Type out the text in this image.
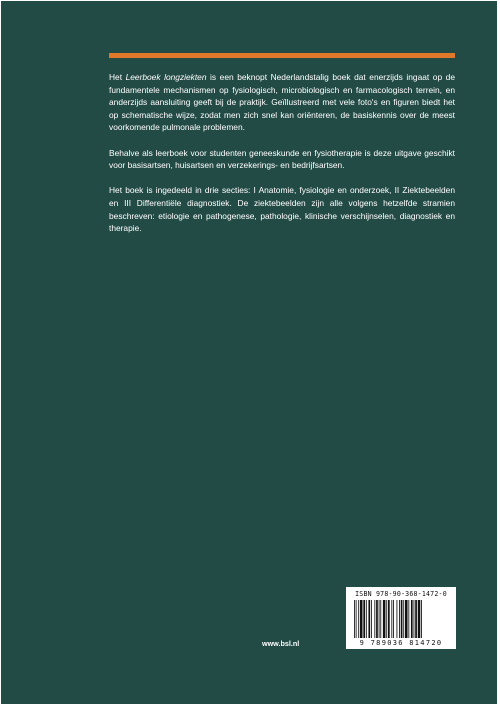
Het Leerboek longziekten is een beknopt Nederlandstalig boek dat enerzijds ingaat op de fundamentele mechanismen op fysiologisch, microbiologisch en farmacologisch terrein, en anderzijds aansluiting geeft bij de praktijk. Geïllustreerd met vele foto's en figuren biedt het op schematische wijze, zodat men zich snel kan oriënteren, de basiskennis over de meest voorkomende pulmonale problemen.

Behalve als leerboek voor studenten geneeskunde en fysiotherapie is deze uitgave geschikt voor basisartsen, huisartsen en verzekerings- en bedrijfsartsen.

Het boek is ingedeeld in drie secties: I Anatomie, fysiologie en onderzoek, II Ziektebeelden en III Differentiële diagnostiek. De ziektebeelden zijn alle volgens hetzelfde stramien beschreven: etiologie en pathogenese, pathologie, klinische verschijnselen, diagnostiek en therapie.

ISBN 978-90-368-1472-0
9 789036 814720
www.bsl.nl
